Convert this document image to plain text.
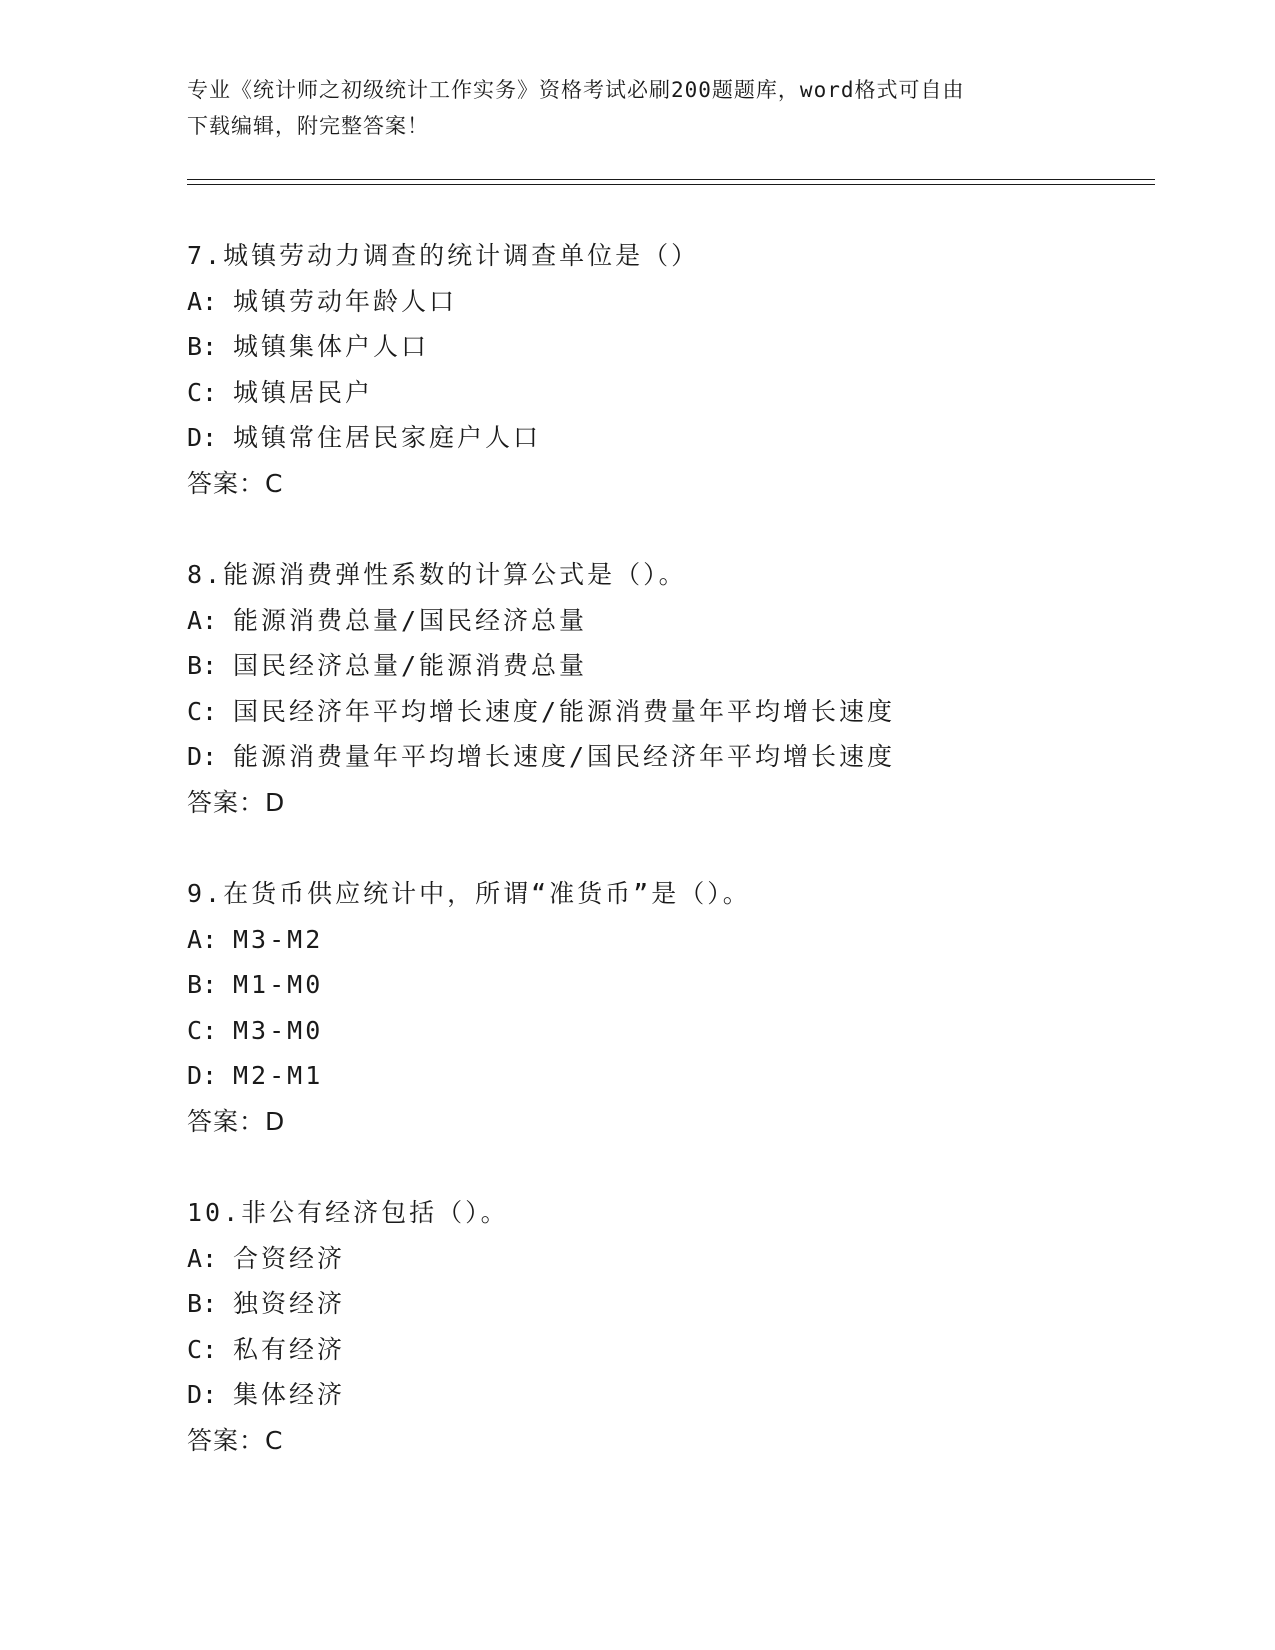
专业《统计师之初级统计工作实务》资格考试必刷200题题库，word格式可自由
下载编辑，附完整答案！
7.城镇劳动力调查的统计调查单位是（）
A: 城镇劳动年龄人口
B: 城镇集体户人口
C: 城镇居民户
D: 城镇常住居民家庭户人口
答案：C
8.能源消费弹性系数的计算公式是（）。
A: 能源消费总量/国民经济总量
B: 国民经济总量/能源消费总量
C: 国民经济年平均增长速度/能源消费量年平均增长速度
D: 能源消费量年平均增长速度/国民经济年平均增长速度
答案：D
9.在货币供应统计中，所谓“准货币”是（）。
A: M3-M2
B: M1-M0
C: M3-M0
D: M2-M1
答案：D
10.非公有经济包括（）。
A: 合资经济
B: 独资经济
C: 私有经济
D: 集体经济
答案：C
